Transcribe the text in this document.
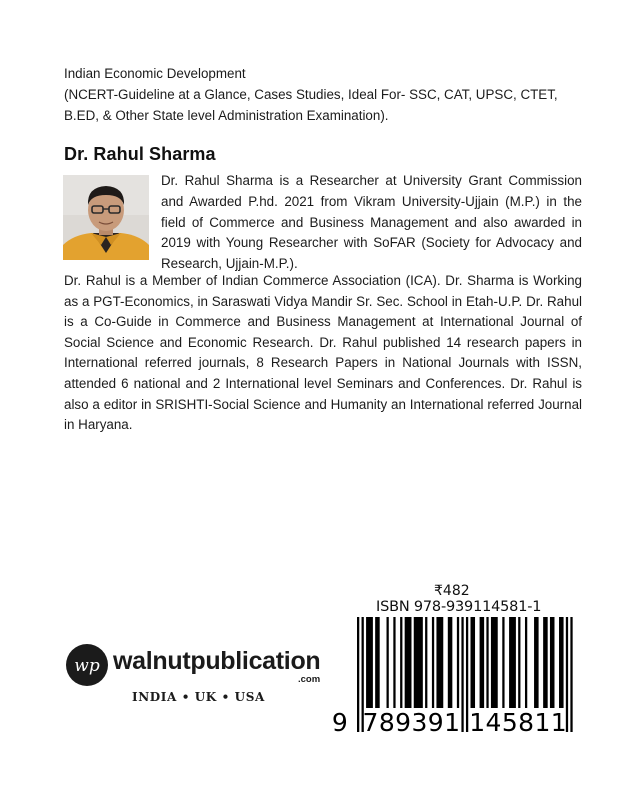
Indian Economic Development
(NCERT-Guideline at a Glance, Cases Studies, Ideal For- SSC, CAT, UPSC, CTET,
B.ED, & Other State level Administration Examination).
Dr. Rahul Sharma
Dr. Rahul Sharma is a Researcher at University Grant Commission and Awarded P.hd. 2021 from Vikram University-Ujjain (M.P.) in the field of Commerce and Business Management and also awarded in 2019 with Young Researcher with SoFAR (Society for Advocacy and Research, Ujjain-M.P.).
Dr. Rahul is a Member of Indian Commerce Association (ICA). Dr. Sharma is Working as a PGT-Economics, in Saraswati Vidya Mandir Sr. Sec. School in Etah-U.P. Dr. Rahul is a Co-Guide in Commerce and Business Management at International Journal of Social Science and Economic Research. Dr. Rahul published 14 research papers in International referred journals, 8 Research Papers in National Journals with ISSN, attended 6 national and 2 International level Seminars and Conferences. Dr. Rahul is also a editor in SRISHTI-Social Science and Humanity an International referred Journal in Haryana.
₹482
ISBN 978-939114581-1
9 789391 145811
wp walnutpublication
.com
INDIA • UK • USA
